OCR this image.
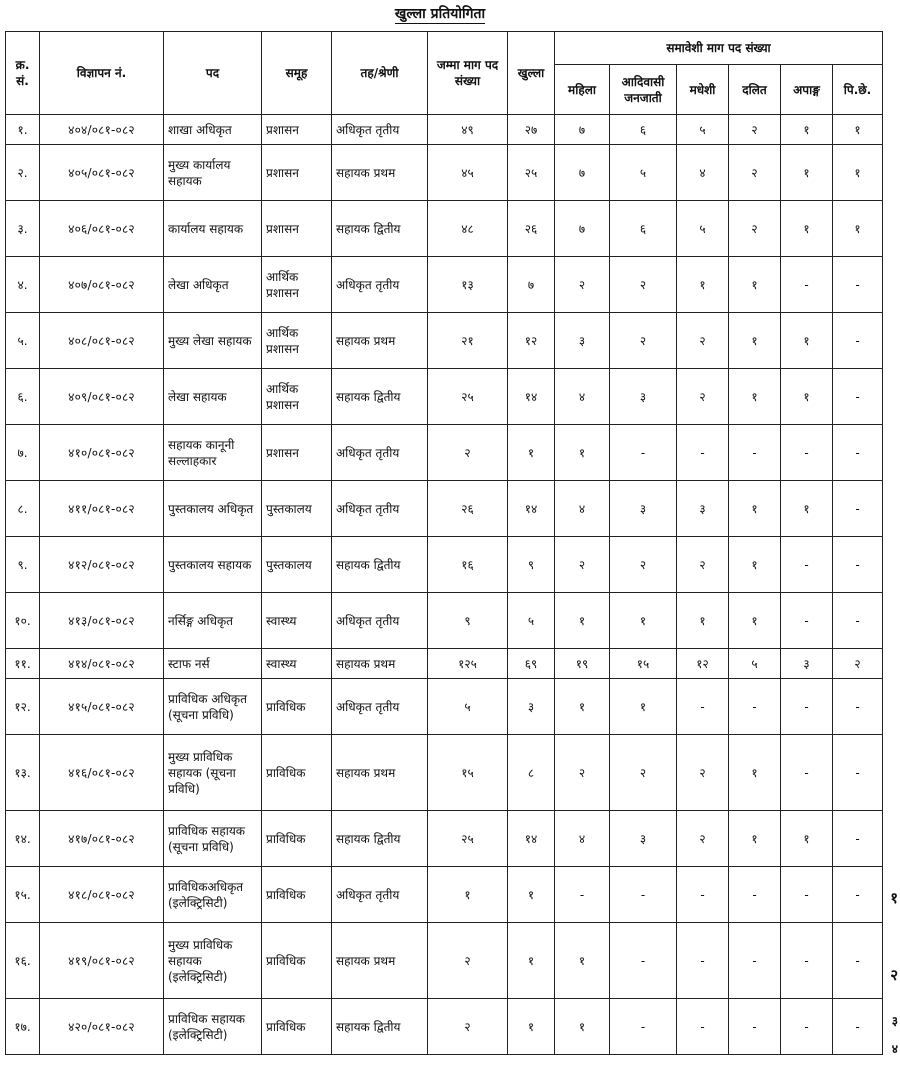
खुल्ला प्रतियोगिता
क्र. सं.	विज्ञापन नं.	पद	समूह	तह/श्रेणी	जम्मा माग पद संख्या	खुल्ला	समावेशी माग पद संख्या					
							महिला	आदिवासी जनजाती	मधेशी	दलित	अपाङ्ग	पि.छे.
१.	४०४/०८१-०८२	शाखा अधिकृत	प्रशासन	अधिकृत तृतीय	४९	२७	७	६	५	२	१	१
२.	४०५/०८१-०८२	मुख्य कार्यालय सहायक	प्रशासन	सहायक प्रथम	४५	२५	७	५	४	२	१	१
३.	४०६/०८१-०८२	कार्यालय सहायक	प्रशासन	सहायक द्वितीय	४८	२६	७	६	५	२	१	१
४.	४०७/०८१-०८२	लेखा अधिकृत	आर्थिक प्रशासन	अधिकृत तृतीय	१३	७	२	२	१	१	-	-
५.	४०८/०८१-०८२	मुख्य लेखा सहायक	आर्थिक प्रशासन	सहायक प्रथम	२१	१२	३	२	२	१	१	-
६.	४०९/०८१-०८२	लेखा सहायक	आर्थिक प्रशासन	सहायक द्वितीय	२५	१४	४	३	२	१	१	-
७.	४१०/०८१-०८२	सहायक कानूनी सल्लाहकार	प्रशासन	अधिकृत तृतीय	२	१	१	-	-	-	-	-
८.	४११/०८१-०८२	पुस्तकालय अधिकृत	पुस्तकालय	अधिकृत तृतीय	२६	१४	४	३	३	१	१	-
९.	४१२/०८१-०८२	पुस्तकालय सहायक	पुस्तकालय	सहायक द्वितीय	१६	९	२	२	२	१	-	-
१०.	४१३/०८१-०८२	नर्सिङ्ग अधिकृत	स्वास्थ्य	अधिकृत तृतीय	९	५	१	१	१	१	-	-
११.	४१४/०८१-०८२	स्टाफ नर्स	स्वास्थ्य	सहायक प्रथम	१२५	६९	१९	१५	१२	५	३	२
१२.	४१५/०८१-०८२	प्राविधिक अधिकृत (सूचना प्रविधि)	प्राविधिक	अधिकृत तृतीय	५	३	१	१	-	-	-	-
१३.	४१६/०८१-०८२	मुख्य प्राविधिक सहायक (सूचना प्रविधि)	प्राविधिक	सहायक प्रथम	१५	८	२	२	२	१	-	-
१४.	४१७/०८१-०८२	प्राविधिक सहायक (सूचना प्रविधि)	प्राविधिक	सहायक द्वितीय	२५	१४	४	३	२	१	१	-
१५.	४१८/०८१-०८२	प्राविधिकअधिकृत (इलेक्ट्रिसिटी)	प्राविधिक	अधिकृत तृतीय	१	१	-	-	-	-	-	-
१६.	४१९/०८१-०८२	मुख्य प्राविधिक सहायक (इलेक्ट्रिसिटी)	प्राविधिक	सहायक प्रथम	२	१	१	-	-	-	-	-
१७.	४२०/०८१-०८२	प्राविधिक सहायक (इलेक्ट्रिसिटी)	प्राविधिक	सहायक द्वितीय	२	१	१	-	-	-	-	-
१
२
३
४
